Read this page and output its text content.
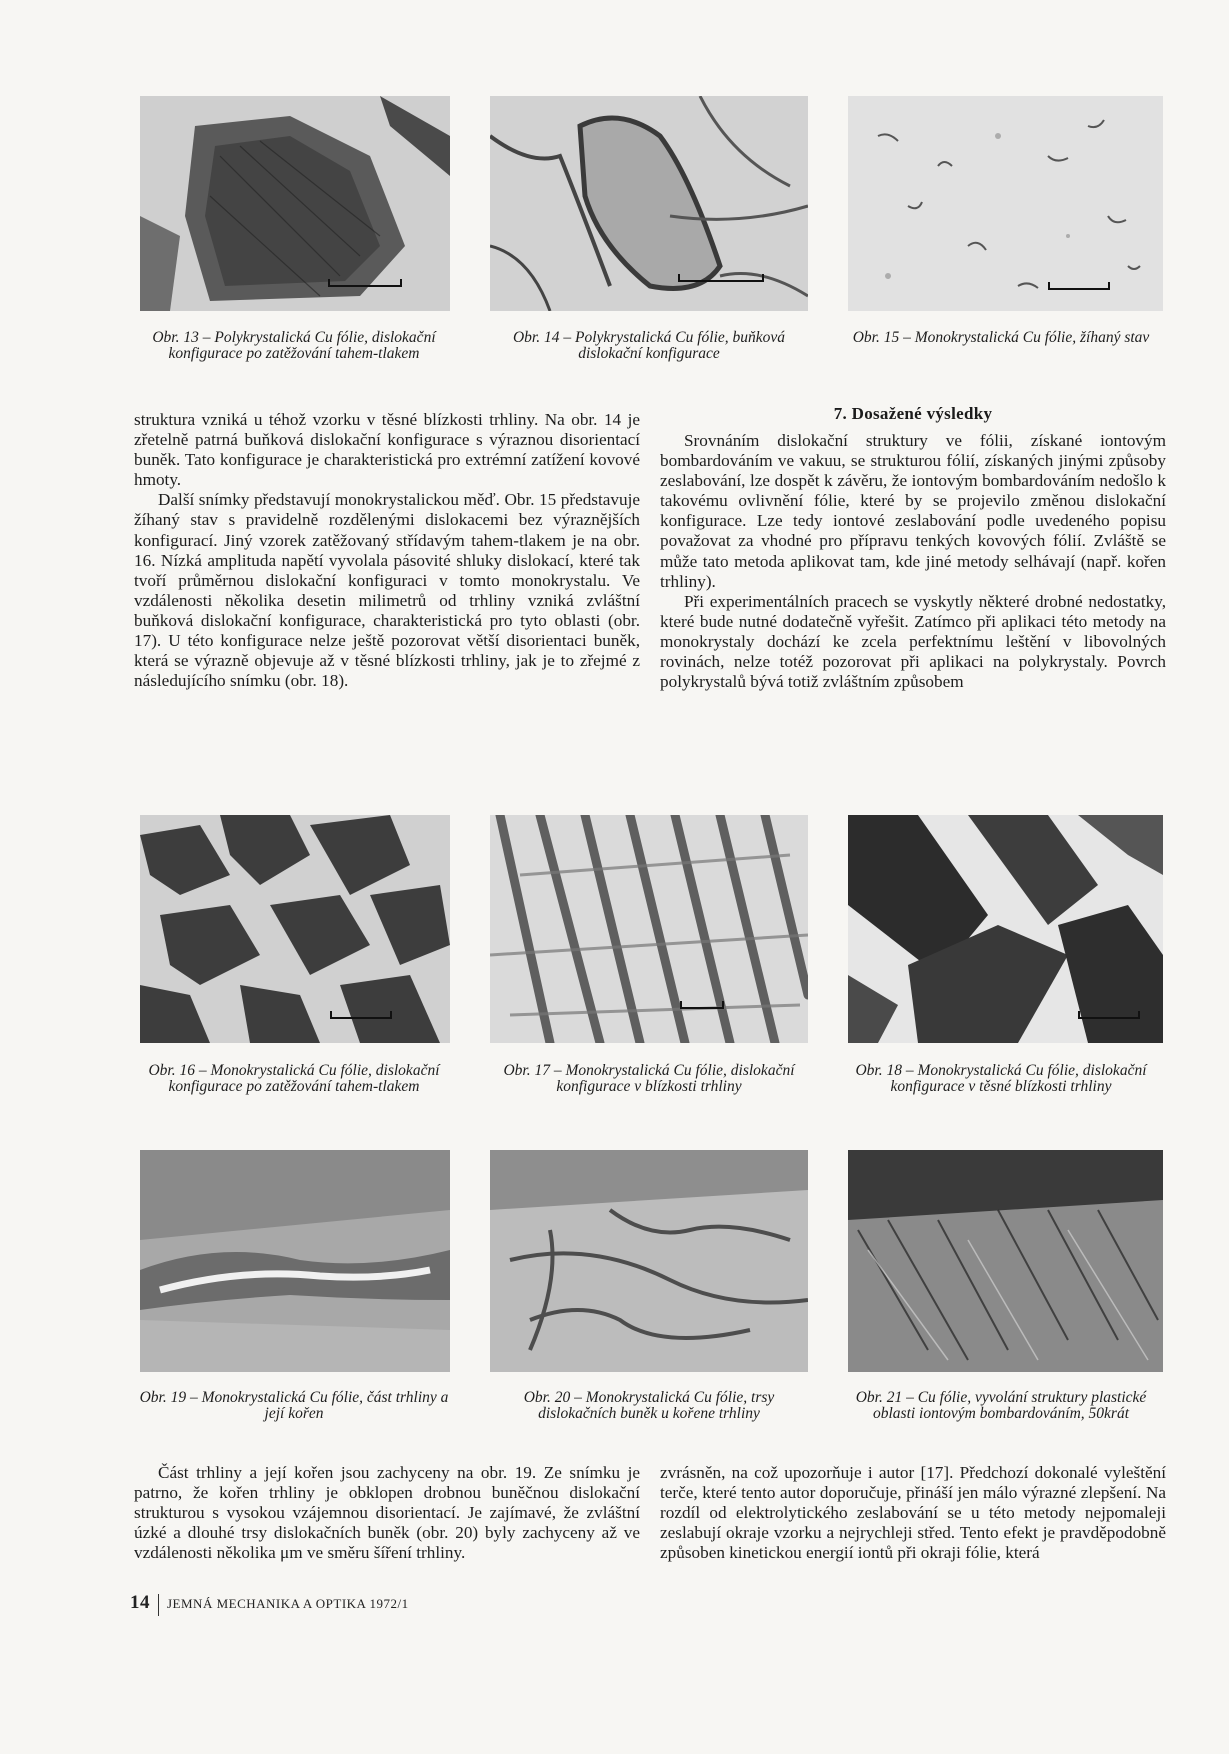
Obr. 13 – Polykrystalická Cu fólie, dislokační konfigurace po zatěžování tahem-tlakem
Obr. 14 – Polykrystalická Cu fólie, buňková dislokační konfigurace
Obr. 15 – Monokrystalická Cu fólie, žíhaný stav

struktura vzniká u téhož vzorku v těsné blízkosti trhliny. Na obr. 14 je zřetelně patrná buňková dislokační konfigurace s výraznou disorientací buněk. Tato konfigurace je charakteristická pro extrémní zatížení kovové hmoty.

Další snímky představují monokrystalickou měď. Obr. 15 představuje žíhaný stav s pravidelně rozdělenými dislokacemi bez výraznějších konfigurací. Jiný vzorek zatěžovaný střídavým tahem-tlakem je na obr. 16. Nízká amplituda napětí vyvolala pásovité shluky dislokací, které tak tvoří průměrnou dislokační konfiguraci v tomto monokrystalu. Ve vzdálenosti několika desetin milimetrů od trhliny vzniká zvláštní buňková dislokační konfigurace, charakteristická pro tyto oblasti (obr. 17). U této konfigurace nelze ještě pozorovat větší disorientaci buněk, která se výrazně objevuje až v těsné blízkosti trhliny, jak je to zřejmé z následujícího snímku (obr. 18).

7. Dosažené výsledky

Srovnáním dislokační struktury ve fólii, získané iontovým bombardováním ve vakuu, se strukturou fólií, získaných jinými způsoby zeslabování, lze dospět k závěru, že iontovým bombardováním nedošlo k takovému ovlivnění fólie, které by se projevilo změnou dislokační konfigurace. Lze tedy iontové zeslabování podle uvedeného popisu považovat za vhodné pro přípravu tenkých kovových fólií. Zvláště se může tato metoda aplikovat tam, kde jiné metody selhávají (např. kořen trhliny).

Při experimentálních pracech se vyskytly některé drobné nedostatky, které bude nutné dodatečně vyřešit. Zatímco při aplikaci této metody na monokrystaly dochází ke zcela perfektnímu leštění v libovolných rovinách, nelze totéž pozorovat při aplikaci na polykrystaly. Povrch polykrystalů bývá totiž zvláštním způsobem

Obr. 16 – Monokrystalická Cu fólie, dislokační konfigurace po zatěžování tahem-tlakem
Obr. 17 – Monokrystalická Cu fólie, dislokační konfigurace v blízkosti trhliny
Obr. 18 – Monokrystalická Cu fólie, dislokační konfigurace v těsné blízkosti trhliny
Obr. 19 – Monokrystalická Cu fólie, část trhliny a její kořen
Obr. 20 – Monokrystalická Cu fólie, trsy dislokačních buněk u kořene trhliny
Obr. 21 – Cu fólie, vyvolání struktury plastické oblasti iontovým bombardováním, 50krát

Část trhliny a její kořen jsou zachyceny na obr. 19. Ze snímku je patrno, že kořen trhliny je obklopen drobnou buněčnou dislokační strukturou s vysokou vzájemnou disorientací. Je zajímavé, že zvláštní úzké a dlouhé trsy dislokačních buněk (obr. 20) byly zachyceny až ve vzdálenosti několika μm ve směru šíření trhliny.

zvrásněn, na což upozorňuje i autor [17]. Předchozí dokonalé vyleštění terče, které tento autor doporučuje, přináší jen málo výrazné zlepšení. Na rozdíl od elektrolytického zeslabování se u této metody nejpomaleji zeslabují okraje vzorku a nejrychleji střed. Tento efekt je pravděpodobně způsoben kinetickou energií iontů při okraji fólie, která

14 JEMNÁ MECHANIKA A OPTIKA 1972/1
